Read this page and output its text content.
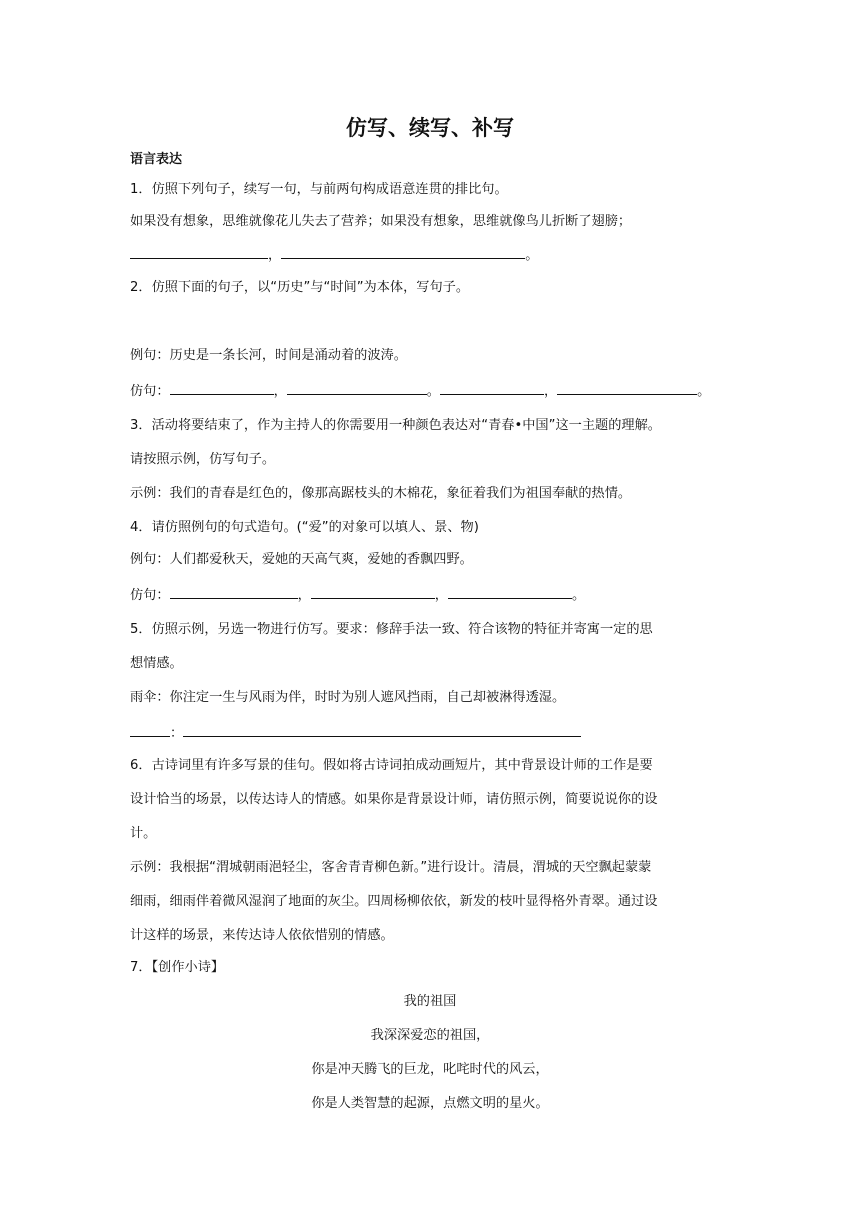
仿写、续写、补写
语言表达
1．仿照下列句子，续写一句，与前两句构成语意连贯的排比句。
如果没有想象，思维就像花儿失去了营养；如果没有想象，思维就像鸟儿折断了翅膀；
，	。
2．仿照下面的句子，以“历史”与“时间”为本体，写句子。
例句：历史是一条长河，时间是涌动着的波涛。
仿句：	，	。	，	。
3．活动将要结束了，作为主持人的你需要用一种颜色表达对“青春•中国”这一主题的理解。
请按照示例，仿写句子。
示例：我们的青春是红色的，像那高踞枝头的木棉花，象征着我们为祖国奉献的热情。
4．请仿照例句的句式造句。(“爱”的对象可以填人、景、物)
例句：人们都爱秋天，爱她的天高气爽，爱她的香飘四野。
仿句：	，	，	。
5．仿照示例，另选一物进行仿写。要求：修辞手法一致、符合该物的特征并寄寓一定的思
想情感。
雨伞：你注定一生与风雨为伴，时时为别人遮风挡雨，自己却被淋得透湿。
：
6．古诗词里有许多写景的佳句。假如将古诗词拍成动画短片，其中背景设计师的工作是要
设计恰当的场景，以传达诗人的情感。如果你是背景设计师，请仿照示例，简要说说你的设
计。
示例：我根据“渭城朝雨浥轻尘，客舍青青柳色新。”进行设计。清晨，渭城的天空飘起蒙蒙
细雨，细雨伴着微风湿润了地面的灰尘。四周杨柳依依，新发的枝叶显得格外青翠。通过设
计这样的场景，来传达诗人依依惜别的情感。
7．【创作小诗】
我的祖国
我深深爱恋的祖国，
你是冲天腾飞的巨龙，叱咤时代的风云，
你是人类智慧的起源，点燃文明的星火。
